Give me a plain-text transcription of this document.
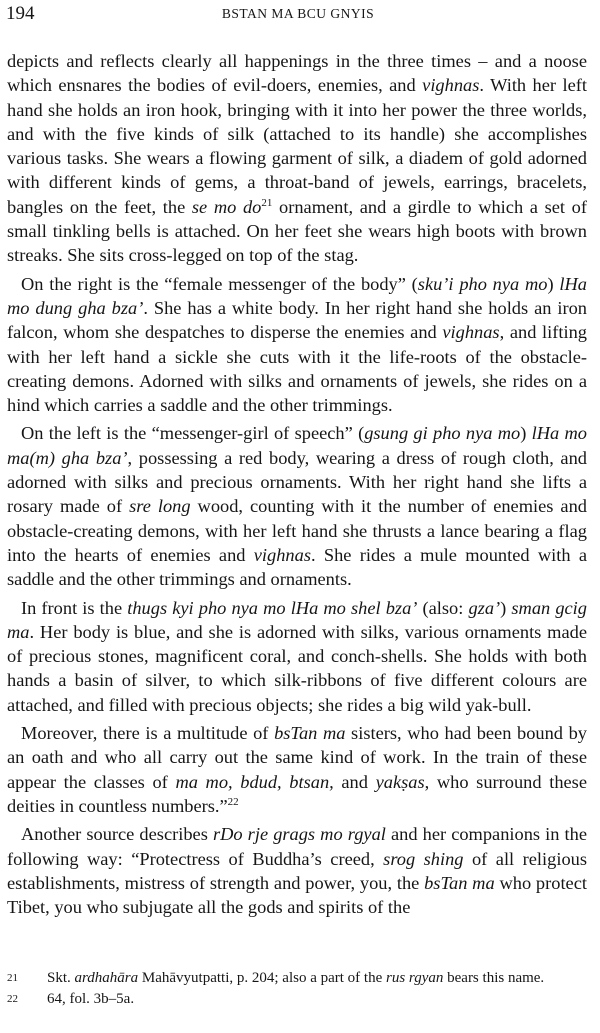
194	BSTAN MA BCU GNYIS

depicts and reflects clearly all happenings in the three times – and a noose which ensnares the bodies of evil-doers, enemies, and vighnas. With her left hand she holds an iron hook, bringing with it into her power the three worlds, and with the five kinds of silk (attached to its handle) she accomplishes various tasks. She wears a flowing garment of silk, a diadem of gold adorned with different kinds of gems, a throat-band of jewels, earrings, bracelets, bangles on the feet, the se mo $do^{21}$ ornament, and a girdle to which a set of small tinkling bells is attached. On her feet she wears high boots with brown streaks. She sits cross-legged on top of the stag.

On the right is the “female messenger of the body” (sku’i pho nya mo) lHa mo dung gha bza’. She has a white body. In her right hand she holds an iron falcon, whom she despatches to disperse the enemies and vighnas, and lifting with her left hand a sickle she cuts with it the life-roots of the obstacle-creating demons. Adorned with silks and ornaments of jewels, she rides on a hind which carries a saddle and the other trimmings.

On the left is the “messenger-girl of speech” (gsung gi pho nya mo) lHa mo ma(m) gha bza’, possessing a red body, wearing a dress of rough cloth, and adorned with silks and precious ornaments. With her right hand she lifts a rosary made of sre long wood, counting with it the number of enemies and obstacle-creating demons, with her left hand she thrusts a lance bearing a flag into the hearts of enemies and vighnas. She rides a mule mounted with a saddle and the other trimmings and ornaments.

In front is the thugs kyi pho nya mo lHa mo shel bza’ (also: gza’) sman gcig ma. Her body is blue, and she is adorned with silks, various ornaments made of precious stones, magnificent coral, and conch-shells. She holds with both hands a basin of silver, to which silk-ribbons of five different colours are attached, and filled with precious objects; she rides a big wild yak-bull.

Moreover, there is a multitude of bsTan ma sisters, who had been bound by an oath and who all carry out the same kind of work. In the train of these appear the classes of ma mo, bdud, btsan, and yakṣas, who surround these deities in countless numbers.”$^{22}$

Another source describes rDo rje grags mo rgyal and her companions in the following way: “Protectress of Buddha’s creed, srog shing of all religious establishments, mistress of strength and power, you, the bsTan ma who protect Tibet, you who subjugate all the gods and spirits of the

21 Skt. ardhahāra Mahāvyutpatti, p. 204; also a part of the rus rgyan bears this name.

22 64, fol. 3b–5a.
